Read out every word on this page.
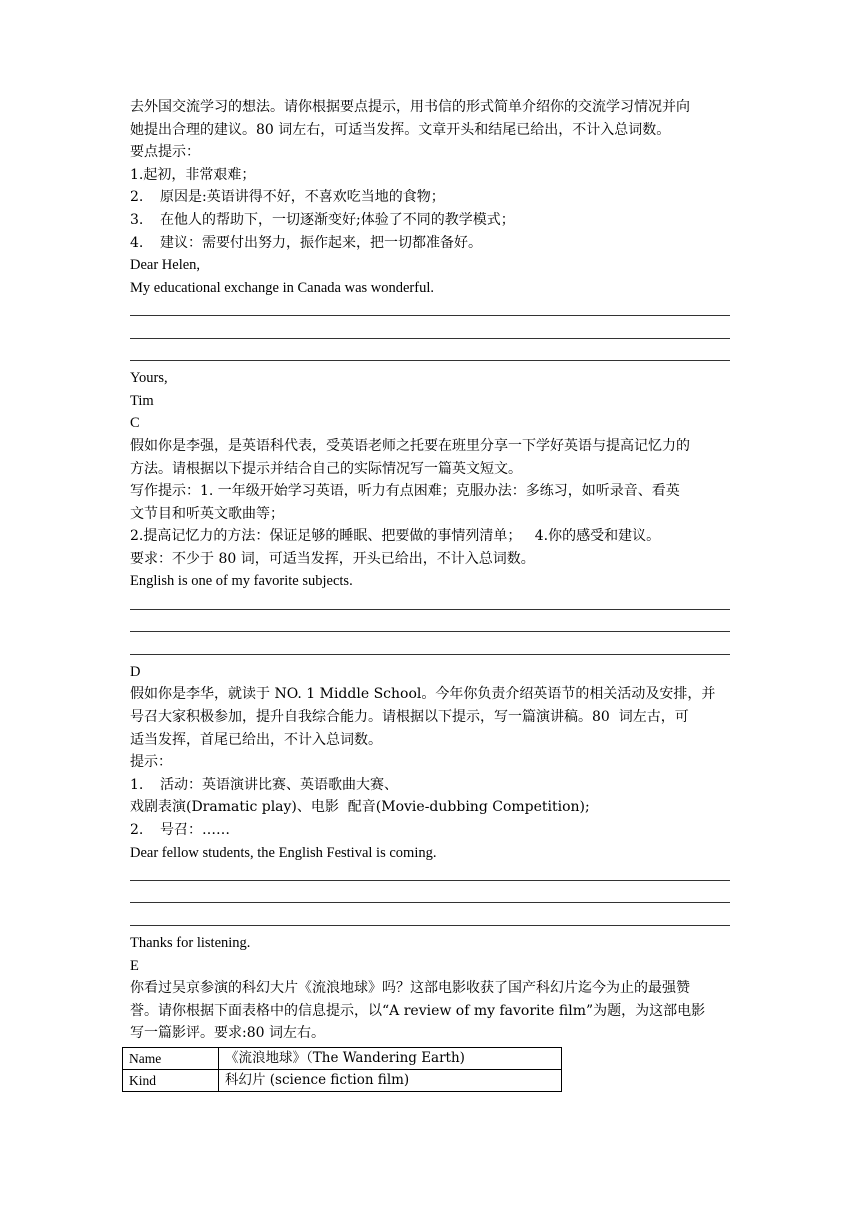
去外国交流学习的想法。请你根据要点提示，用书信的形式简单介绍你的交流学习情况并向

她提出合理的建议。80 词左右，可适当发挥。文章开头和结尾已给出，不计入总词数。

要点提示：

1.起初，非常艰难；

2. 原因是:英语讲得不好，不喜欢吃当地的食物；

3. 在他人的帮助下，一切逐渐变好;体验了不同的教学模式；

4. 建议：需要付出努力，振作起来，把一切都准备好。

Dear Helen,

My educational exchange in Canada was wonderful.

Yours,

Tim

C

假如你是李强，是英语科代表，受英语老师之托要在班里分享一下学好英语与提高记忆力的

方法。请根据以下提示并结合自己的实际情况写一篇英文短文。

写作提示：1. 一年级开始学习英语，听力有点困难；克服办法：多练习，如听录音、看英

文节目和听英文歌曲等；

2.提高记忆力的方法：保证足够的睡眠、把要做的事情列清单；   4.你的感受和建议。

要求：不少于 80 词，可适当发挥，开头已给出，不计入总词数。

English is one of my favorite subjects.

D

假如你是李华，就读于 NO. 1 Middle School。今年你负责介绍英语节的相关活动及安排，并

号召大家积极参加，提升自我综合能力。请根据以下提示，写一篇演讲稿。80  词左古，可

适当发挥，首尾已给出，不计入总词数。

提示：

1. 活动：英语演讲比赛、英语歌曲大赛、

戏剧表演(Dramatic play)、电影  配音(Movie-dubbing Competition);

2. 号召：……

Dear fellow students, the English Festival is coming.

Thanks for listening.

E

你看过吴京参演的科幻大片《流浪地球》吗？这部电影收获了国产科幻片迄今为止的最强赞

誉。请你根据下面表格中的信息提示，以“A review of my favorite film”为题，为这部电影

写一篇影评。要求:80 词左右。

Name	《流浪地球》（The Wandering Earth)
Kind	科幻片 (science fiction film)
